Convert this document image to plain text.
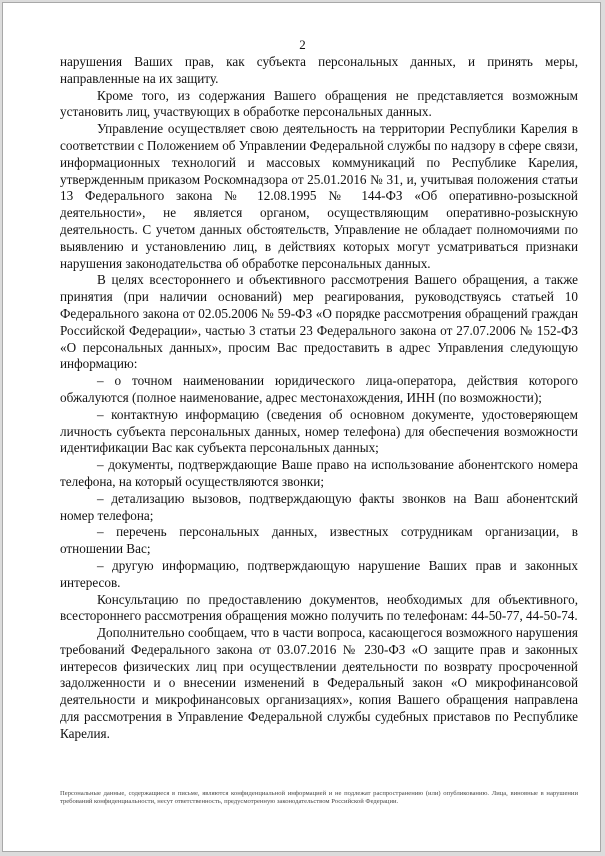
2

нарушения Ваших прав, как субъекта персональных данных, и принять меры, направленные на их защиту.

Кроме того, из содержания Вашего обращения не представляется возможным установить лиц, участвующих в обработке персональных данных.

Управление осуществляет свою деятельность на территории Республики Карелия в соответствии с Положением об Управлении Федеральной службы по надзору в сфере связи, информационных технологий и массовых коммуникаций по Республике Карелия, утвержденным приказом Роскомнадзора от 25.01.2016 № 31, и, учитывая положения статьи 13 Федерального закона № 12.08.1995 № 144-ФЗ «Об оперативно-розыскной деятельности», не является органом, осуществляющим оперативно-розыскную деятельность. С учетом данных обстоятельств, Управление не обладает полномочиями по выявлению и установлению лиц, в действиях которых могут усматриваться признаки нарушения законодательства об обработке персональных данных.

В целях всестороннего и объективного рассмотрения Вашего обращения, а также принятия (при наличии оснований) мер реагирования, руководствуясь статьей 10 Федерального закона от 02.05.2006 № 59-ФЗ «О порядке рассмотрения обращений граждан Российской Федерации», частью 3 статьи 23 Федерального закона от 27.07.2006 № 152-ФЗ «О персональных данных», просим Вас предоставить в адрес Управления следующую информацию:

– о точном наименовании юридического лица-оператора, действия которого обжалуются (полное наименование, адрес местонахождения, ИНН (по возможности);

– контактную информацию (сведения об основном документе, удостоверяющем личность субъекта персональных данных, номер телефона) для обеспечения возможности идентификации Вас как субъекта персональных данных;

– документы, подтверждающие Ваше право на использование абонентского номера телефона, на который осуществляются звонки;

– детализацию вызовов, подтверждающую факты звонков на Ваш абонентский номер телефона;

– перечень персональных данных, известных сотрудникам организации, в отношении Вас;

– другую информацию, подтверждающую нарушение Ваших прав и законных интересов.

Консультацию по предоставлению документов, необходимых для объективного, всестороннего рассмотрения обращения можно получить по телефонам: 44-50-77, 44-50-74.

Дополнительно сообщаем, что в части вопроса, касающегося возможного нарушения требований Федерального закона от 03.07.2016 № 230-ФЗ «О защите прав и законных интересов физических лиц при осуществлении деятельности по возврату просроченной задолженности и о внесении изменений в Федеральный закон «О микрофинансовой деятельности и микрофинансовых организациях», копия Вашего обращения направлена для рассмотрения в Управление Федеральной службы судебных приставов по Республике Карелия.

Персональные данные, содержащиеся в письме, являются конфиденциальной информацией и не подлежат распространению (или) опубликованию. Лица, виновные в нарушении требований конфиденциальности, несут ответственность, предусмотренную законодательством Российской Федерации.
